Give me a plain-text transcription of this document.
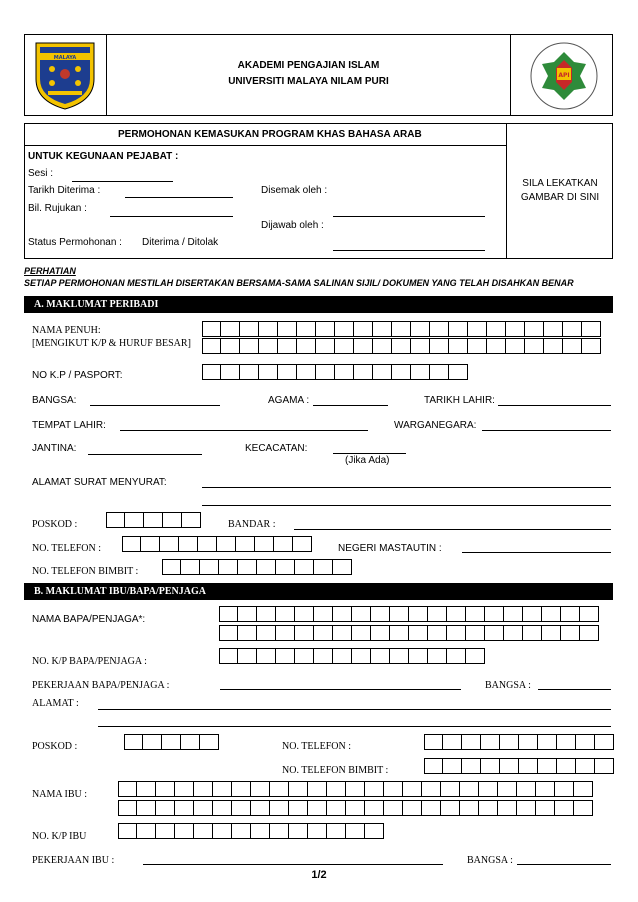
MALAYA
AKADEMI PENGAJIAN ISLAM
UNIVERSITI MALAYA NILAM PURI
API
PERMOHONAN KEMASUKAN PROGRAM KHAS BAHASA ARAB
UNTUK KEGUNAAN PEJABAT :
Sesi :
Tarikh Diterima :	Disemak oleh :
Bil. Rujukan :
Dijawab oleh :
Status Permohonan : Diterima / Ditolak
SILA LEKATKAN
GAMBAR DI SINI
PERHATIAN
SETIAP PERMOHONAN MESTILAH DISERTAKAN BERSAMA-SAMA SALINAN SIJIL/ DOKUMEN YANG TELAH DISAHKAN BENAR
A. MAKLUMAT PERIBADI
NAMA PENUH:
[MENGIKUT K/P & HURUF BESAR]
NO K.P / PASPORT:
BANGSA:	AGAMA :	TARIKH LAHIR:
TEMPAT LAHIR:	WARGANEGARA:
JANTINA:	KECACATAN:
(Jika Ada)
ALAMAT SURAT MENYURAT:
POSKOD :	BANDAR :
NO. TELEFON :	NEGERI MASTAUTIN :
NO. TELEFON BIMBIT :
B. MAKLUMAT IBU/BAPA/PENJAGA
NAMA BAPA/PENJAGA*:
NO. K/P BAPA/PENJAGA :
PEKERJAAN BAPA/PENJAGA :	BANGSA :
ALAMAT :
POSKOD :	NO. TELEFON :
NO. TELEFON BIMBIT :
NAMA IBU :
NO. K/P IBU
PEKERJAAN IBU :	BANGSA :
1/2
